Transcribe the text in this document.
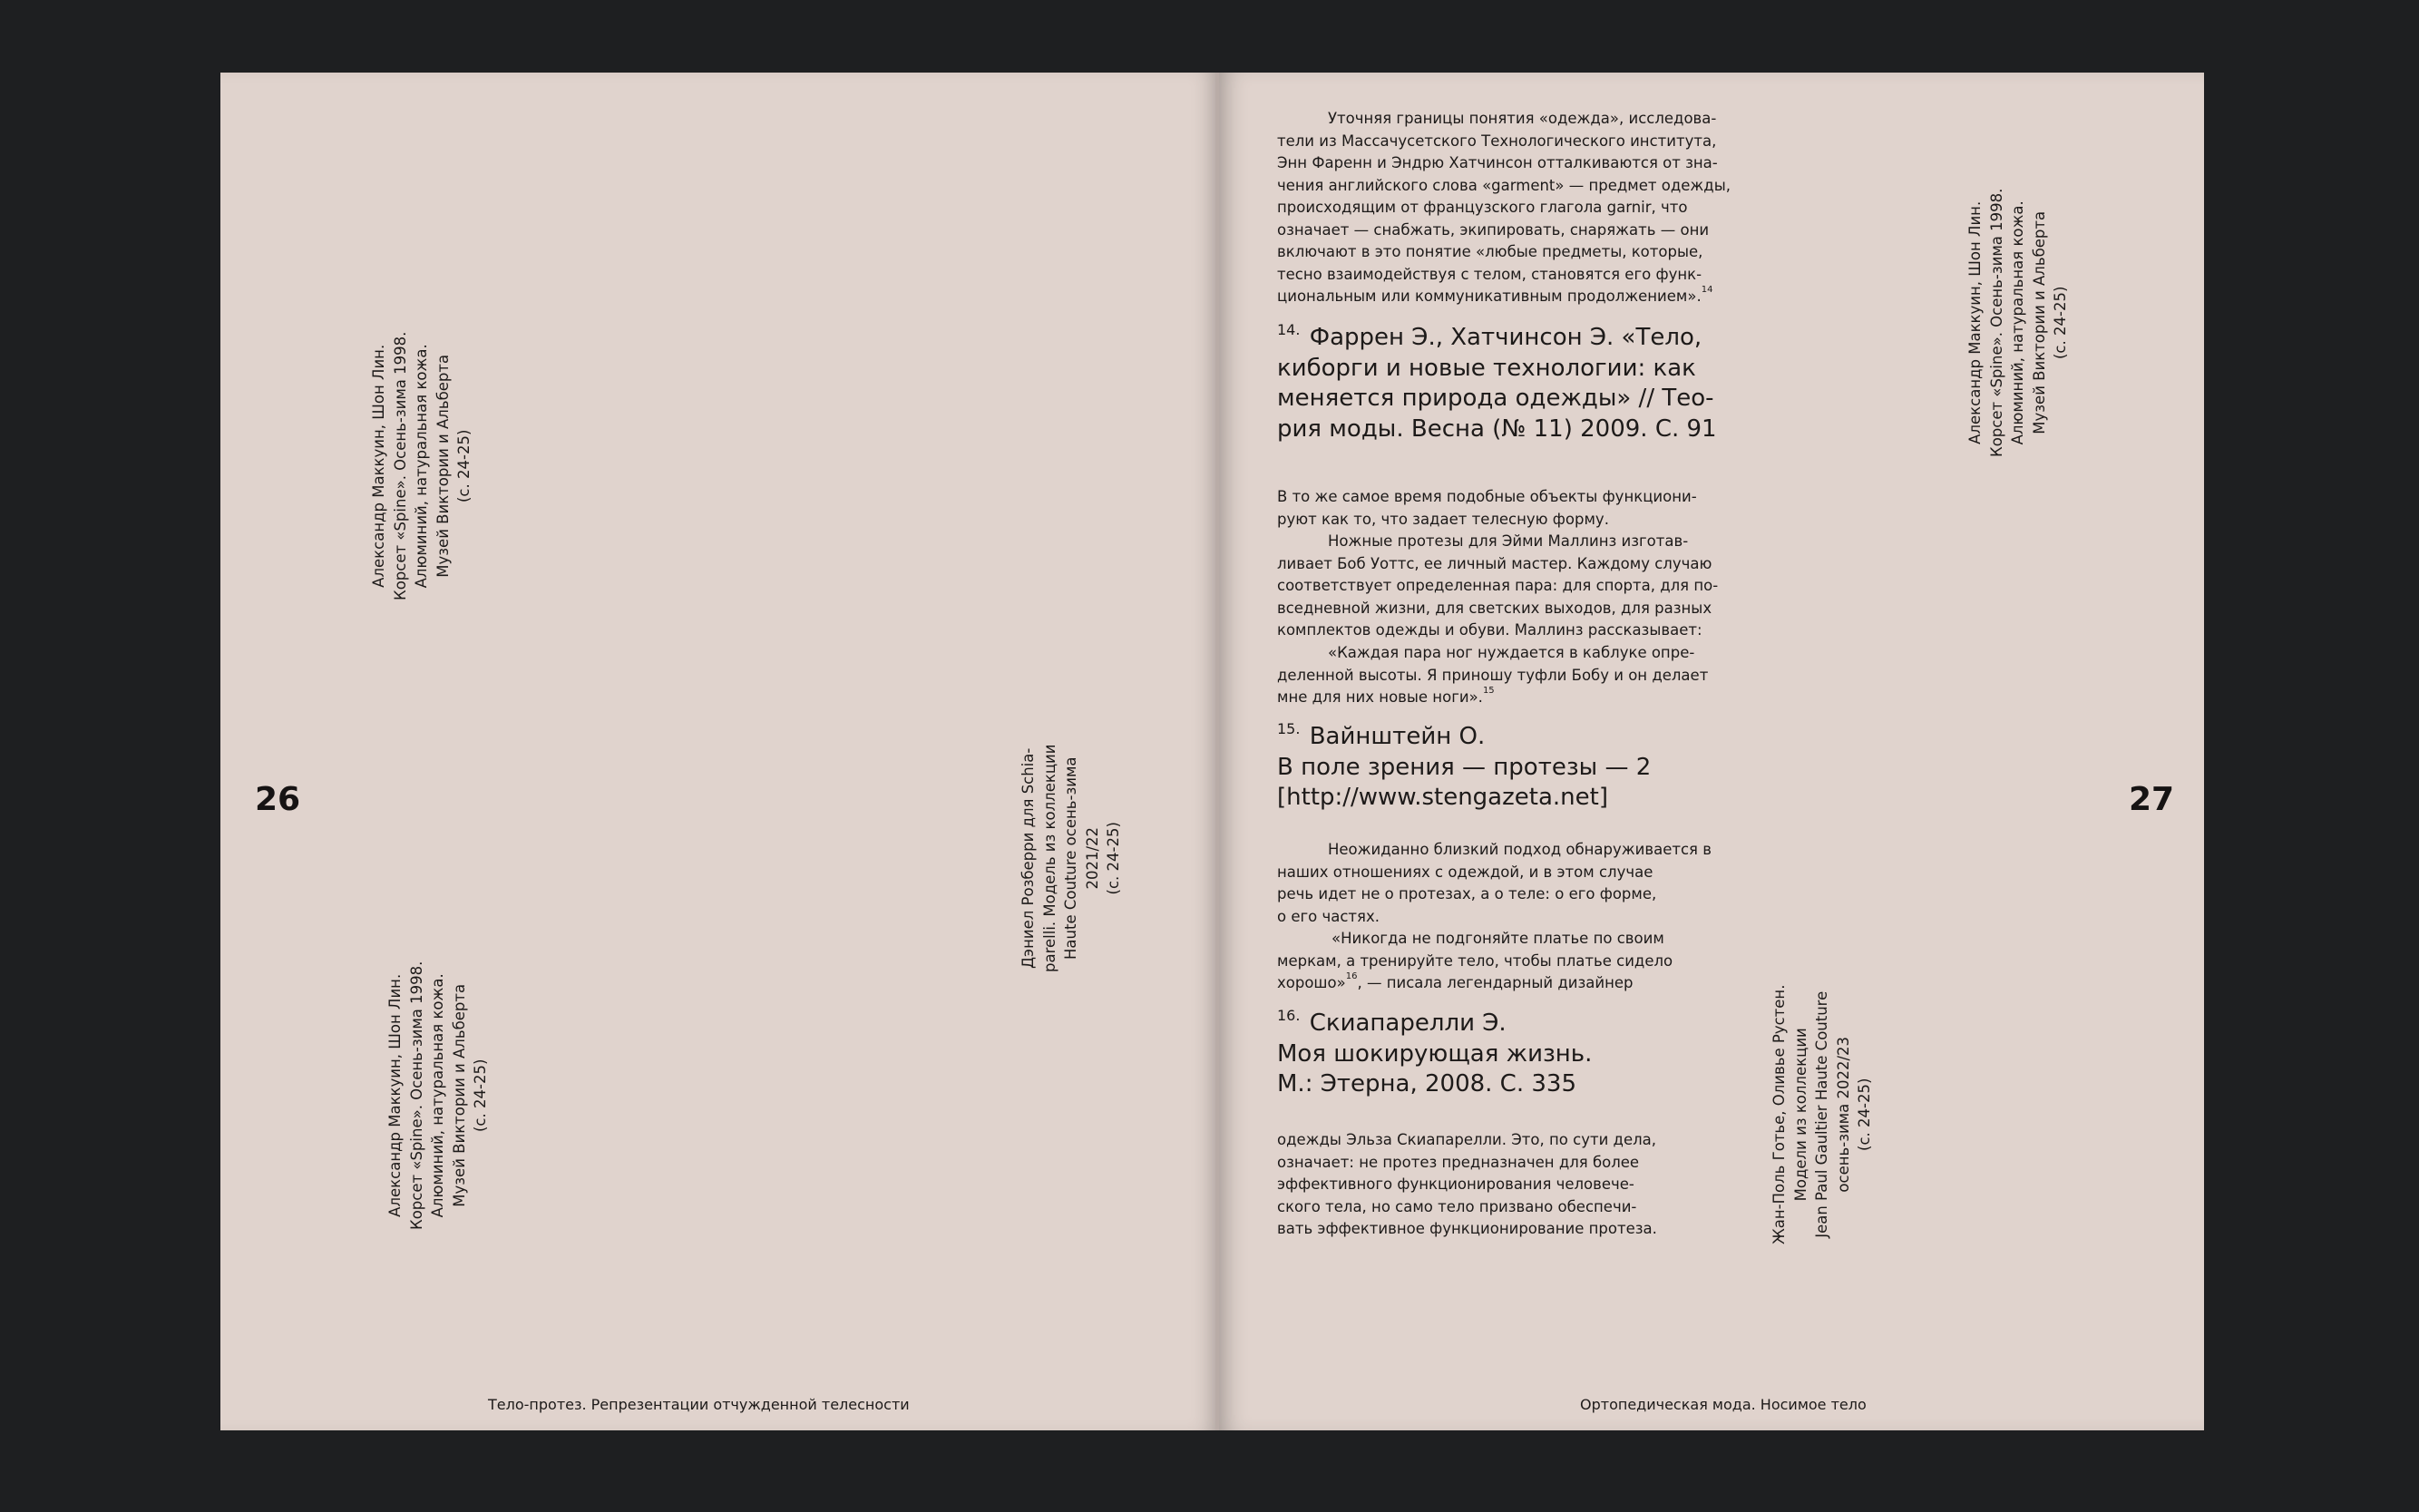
26
Тело-протез. Репрезентации отчужденной телесности
Александр Маккуин, Шон Лин. Корсет «Spine». Осень-зима 1998. Алюминий, натуральная кожа. Музей Виктории и Альберта (с. 24-25)
Александр Маккуин, Шон Лин. Корсет «Spine». Осень-зима 1998. Алюминий, натуральная кожа. Музей Виктории и Альберта (с. 24-25)
Дэниел Розберри для Schia- parelli. Модель из коллекции Haute Couture осень-зима 2021/22 (с. 24-25)
27
Ортопедическая мода. Носимое тело
Александр Маккуин, Шон Лин. Корсет «Spine». Осень-зима 1998. Алюминий, натуральная кожа. Музей Виктории и Альберта (с. 24-25)
Жан-Поль Готье, Оливье Рустен. Модели из коллекции Jean Paul Gaultier Haute Couture осень-зима 2022/23 (с. 24-25)
Уточняя границы понятия «одежда», исследова-
тели из Массачусетского Технологического института,
Энн Фаренн и Эндрю Хатчинсон отталкиваются от зна-
чения английского слова «garment» — предмет одежды,
происходящим от французского глагола garnir, что
означает — снабжать, экипировать, снаряжать — они
включают в это понятие «любые предметы, которые,
тесно взаимодействуя с телом, становятся его функ-
циональным или коммуникативным продолжением».$^{14}$
$^{14.}$ Фаррен Э., Хатчинсон Э. «Тело,
киборги и новые технологии: как
меняется природа одежды» // Тео-
рия моды. Весна (№ 11) 2009. С. 91
В то же самое время подобные объекты функциони-
руют как то, что задает телесную форму.
Ножные протезы для Эйми Маллинз изготав-
ливает Боб Уоттс, ее личный мастер. Каждому случаю
соответствует определенная пара: для спорта, для по-
вседневной жизни, для светских выходов, для разных
комплектов одежды и обуви. Маллинз рассказывает:
«Каждая пара ног нуждается в каблуке опре-
деленной высоты. Я приношу туфли Бобу и он делает
мне для них новые ноги».$^{15}$
$^{15.}$ Вайнштейн О.
В поле зрения — протезы — 2
[http://www.stengazeta.net]
Неожиданно близкий подход обнаруживается в
наших отношениях с одеждой, и в этом случае
речь идет не о протезах, а о теле: о его форме,
о его частях.
«Никогда не подгоняйте платье по своим
меркам, а тренируйте тело, чтобы платье сидело
хорошо»$^{16}$, — писала легендарный дизайнер
$^{16.}$ Скиапарелли Э.
Моя шокирующая жизнь.
М.: Этерна, 2008. С. 335
одежды Эльза Скиапарелли. Это, по сути дела,
означает: не протез предназначен для более
эффективного функционирования человече-
ского тела, но само тело призвано обеспечи-
вать эффективное функционирование протеза.
